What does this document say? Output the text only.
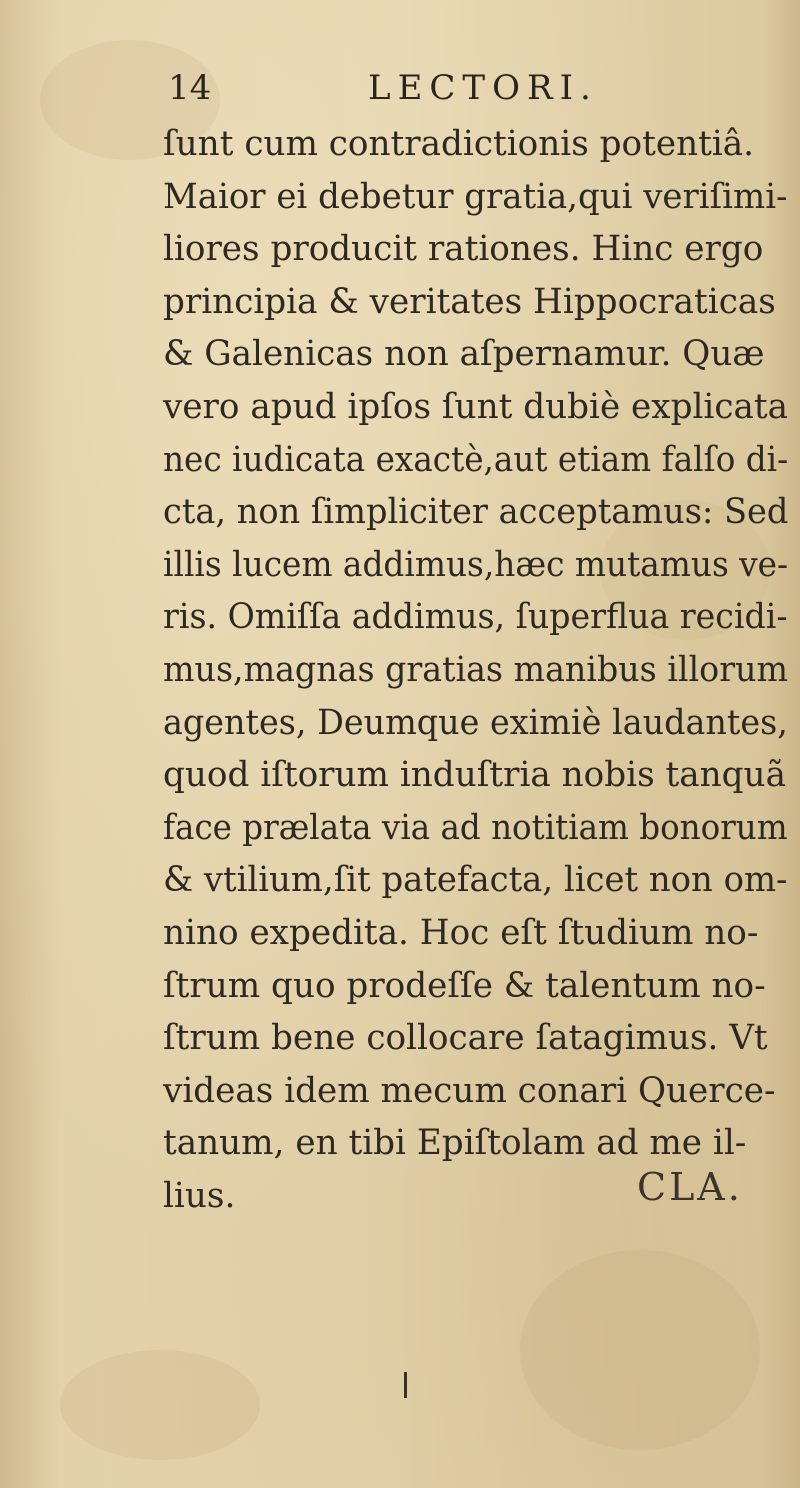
14	LECTORI.
ſunt cum contradictionis potentiâ.
Maior ei debetur gratia,qui veriſimi-
liores producit rationes. Hinc ergo
principia & veritates Hippocraticas
& Galenicas non aſpernamur. Quæ
vero apud ipſos ſunt dubiè explicata
nec iudicata exactè,aut etiam falſo di-
cta, non ſimpliciter acceptamus: Sed
illis lucem addimus,hæc mutamus ve-
ris. Omiſſa addimus, ſuperflua recidi-
mus,magnas gratias manibus illorum
agentes, Deumque eximiè laudantes,
quod iſtorum induſtria nobis tanquã
face prælata via ad notitiam bonorum
& vtilium,ſit patefacta, licet non om-
nino expedita. Hoc eſt ſtudium no-
ſtrum quo prodeſſe & talentum no-
ſtrum bene collocare ſatagimus. Vt
videas idem mecum conari Querce-
tanum, en tibi Epiſtolam ad me il-
lius.	CLA.
